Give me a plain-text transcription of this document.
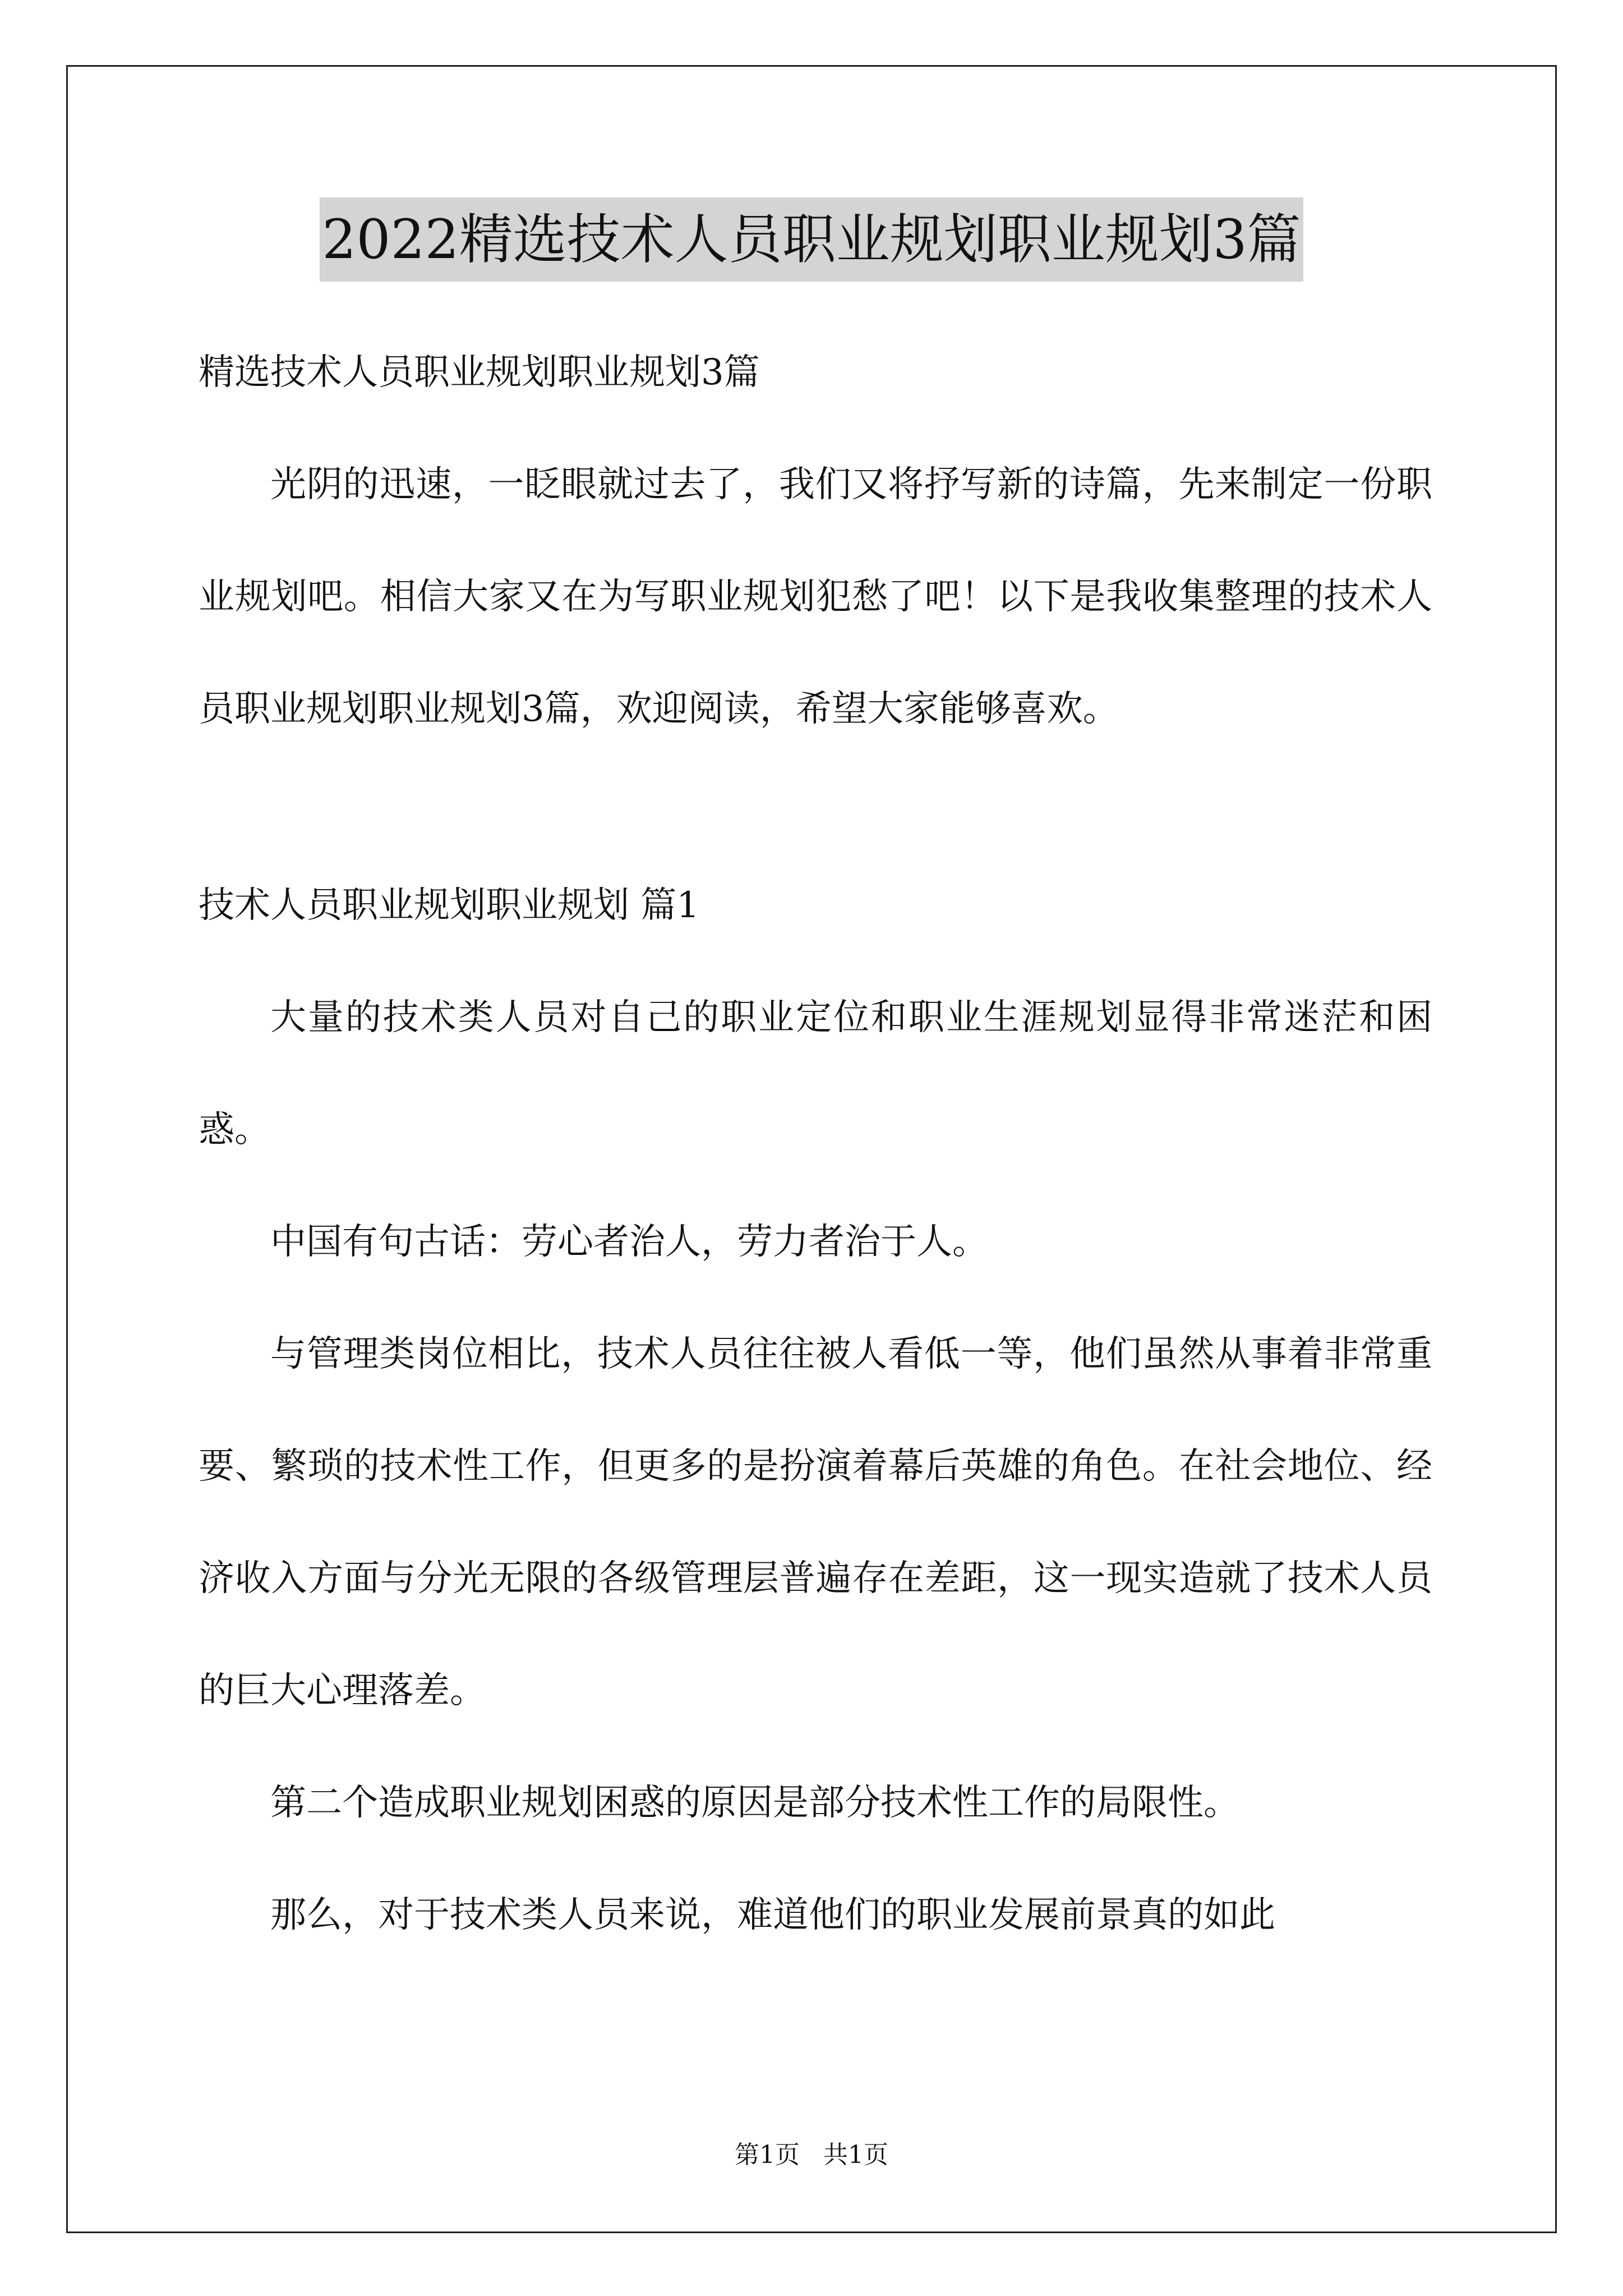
2022精选技术人员职业规划职业规划3篇

精选技术人员职业规划职业规划3篇

光阴的迅速，一眨眼就过去了，我们又将抒写新的诗篇，先来制定一份职业规划吧。相信大家又在为写职业规划犯愁了吧！以下是我收集整理的技术人员职业规划职业规划3篇，欢迎阅读，希望大家能够喜欢。

技术人员职业规划职业规划 篇1

大量的技术类人员对自己的职业定位和职业生涯规划显得非常迷茫和困惑。

中国有句古话：劳心者治人，劳力者治于人。

与管理类岗位相比，技术人员往往被人看低一等，他们虽然从事着非常重要、繁琐的技术性工作，但更多的是扮演着幕后英雄的角色。在社会地位、经济收入方面与分光无限的各级管理层普遍存在差距，这一现实造就了技术人员的巨大心理落差。

第二个造成职业规划困惑的原因是部分技术性工作的局限性。

那么，对于技术类人员来说，难道他们的职业发展前景真的如此

第1页   共1页
